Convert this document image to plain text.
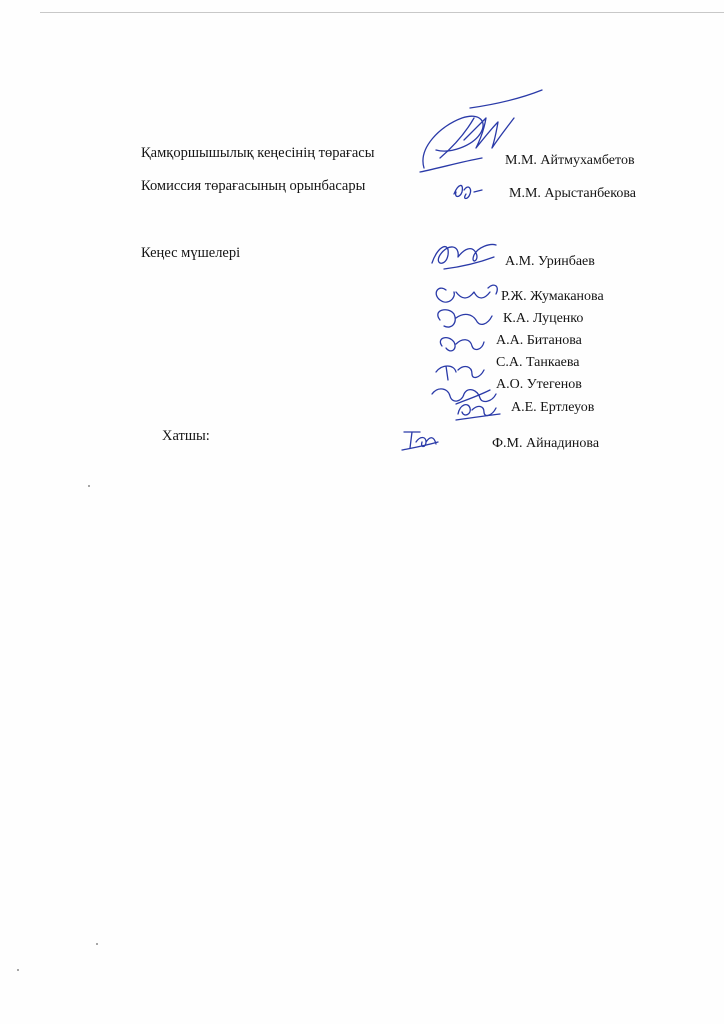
Қамқоршышылық кеңесінің төрағасы
Комиссия төрағасының орынбасары
Кеңес мүшелері
Хатшы:
М.М. Айтмухамбетов
М.М. Арыстанбекова
А.М. Уринбаев
Р.Ж. Жумаканова
К.А. Луценко
А.А. Битанова
С.А. Танкаева
А.О. Утегенов
А.Е. Ертлеуов
Ф.М. Айнадинова
